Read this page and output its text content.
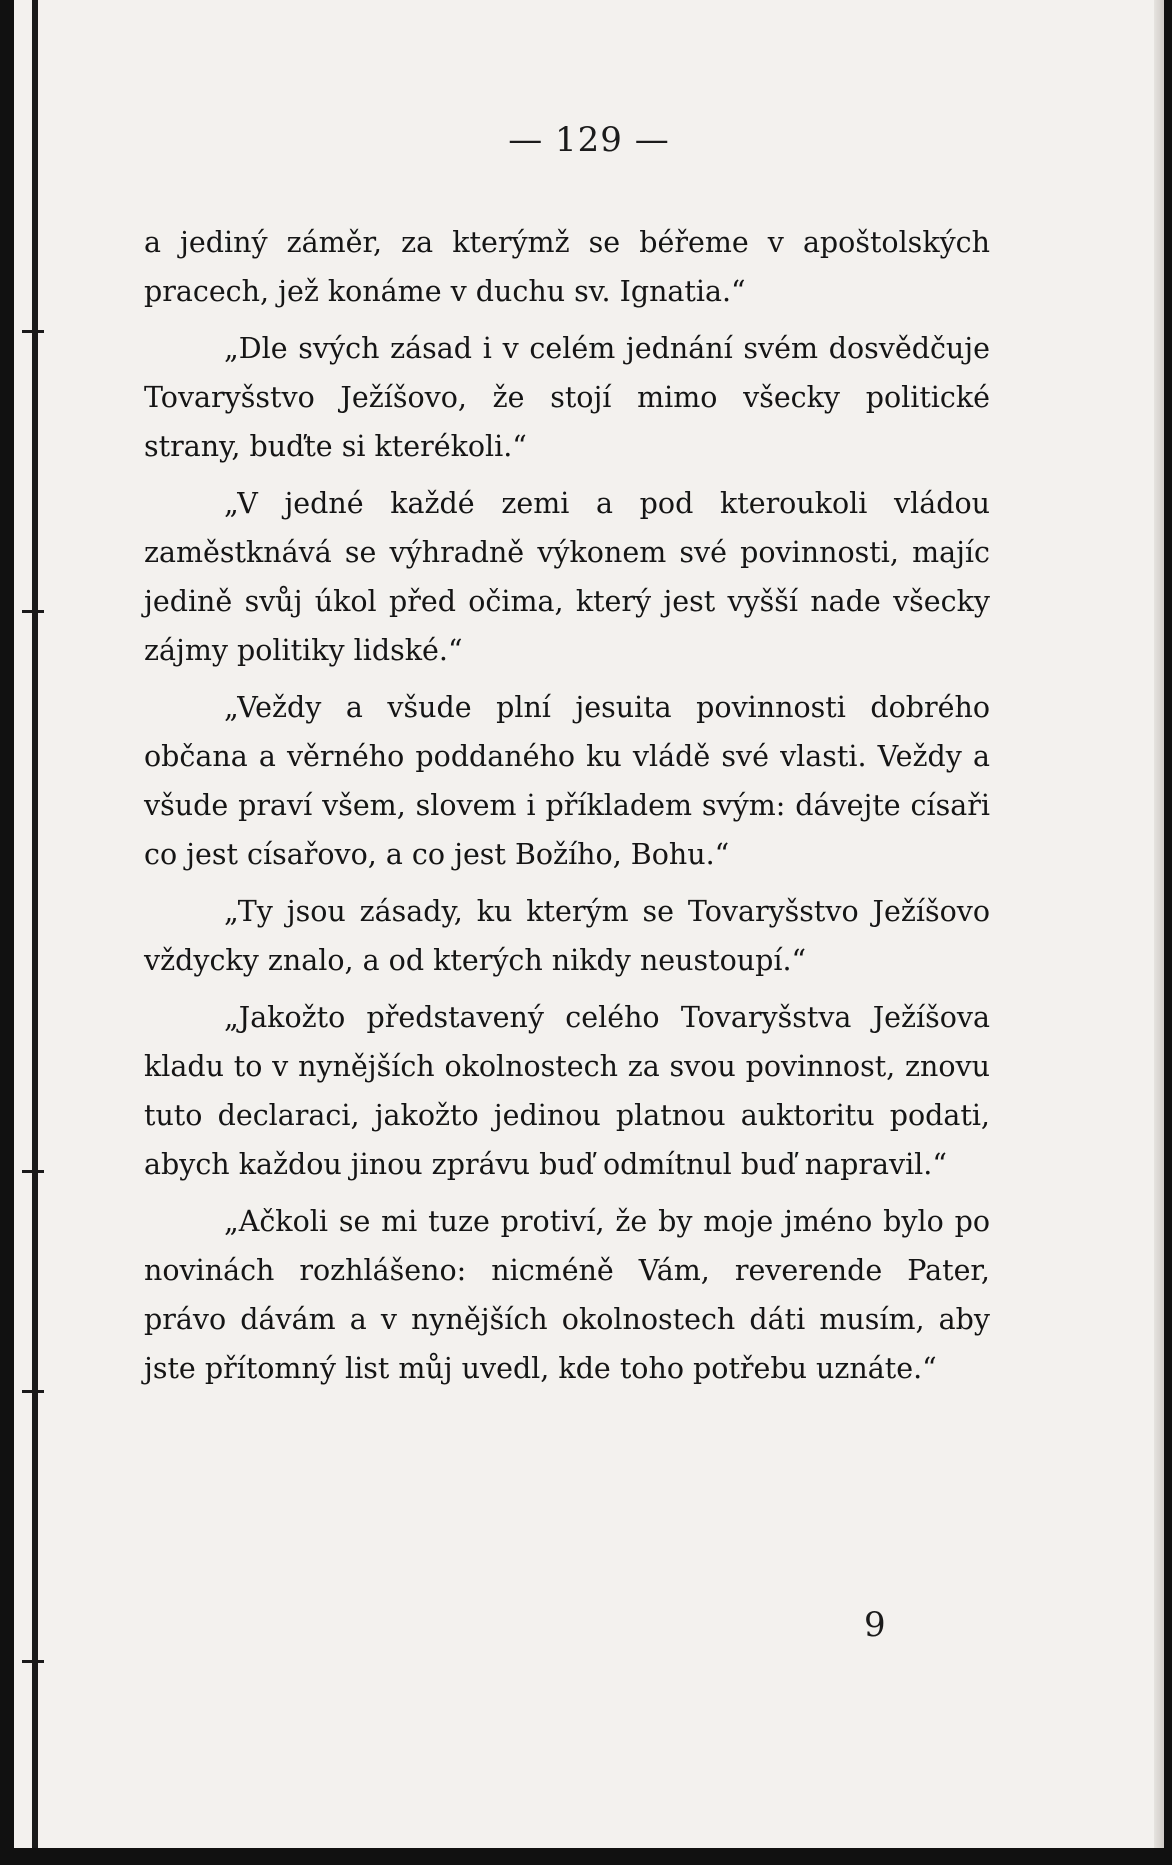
— 129 —

a jediný záměr, za kterýmž se béřeme v apoštolských pracech, jež konáme v duchu sv. Ignatia.“

„Dle svých zásad i v celém jednání svém dosvědčuje Tovaryšstvo Ježíšovo, že stojí mimo všecky politické strany, buďte si kterékoli.“

„V jedné každé zemi a pod kteroukoli vládou zaměstknává se výhradně výkonem své povinnosti, majíc jedině svůj úkol před očima, který jest vyšší nade všecky zájmy politiky lidské.“

„Veždy a všude plní jesuita povinnosti dobrého občana a věrného poddaného ku vládě své vlasti. Veždy a všude praví všem, slovem i příkladem svým: dávejte císaři co jest císařovo, a co jest Božího, Bohu.“

„Ty jsou zásady, ku kterým se Tovaryšstvo Ježíšovo vždycky znalo, a od kterých nikdy neustoupí.“

„Jakožto představený celého Tovaryšstva Ježíšova kladu to v nynějších okolnostech za svou povinnost, znovu tuto declaraci, jakožto jedinou platnou auktoritu podati, abych každou jinou zprávu buď odmítnul buď napravil.“

„Ačkoli se mi tuze protiví, že by moje jméno bylo po novinách rozhlášeno: nicméně Vám, reverende Pater, právo dávám a v nynějších okolnostech dáti musím, aby jste přítomný list můj uvedl, kde toho potřebu uznáte.“

9
